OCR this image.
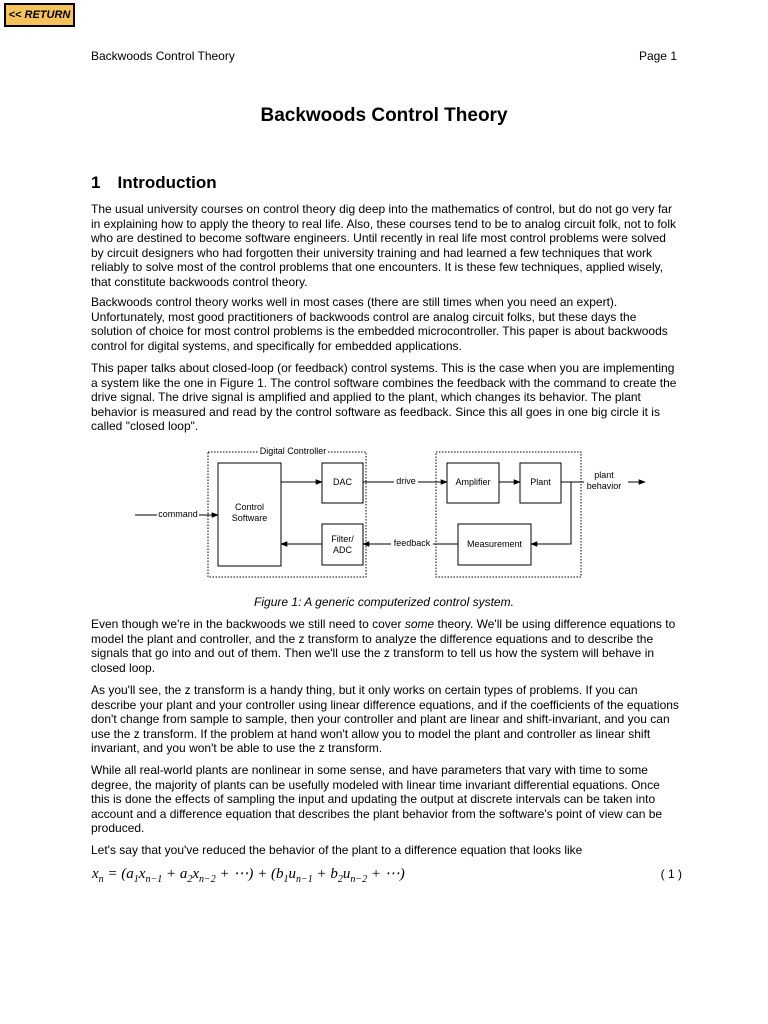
<< RETURN
Backwoods Control Theory	Page 1
Backwoods Control Theory
1 Introduction

The usual university courses on control theory dig deep into the mathematics of control, but do not go very far in explaining how to apply the theory to real life. Also, these courses tend to be to analog circuit folk, not to folk who are destined to become software engineers. Until recently in real life most control problems were solved by circuit designers who had forgotten their university training and had learned a few techniques that work reliably to solve most of the control problems that one encounters. It is these few techniques, applied wisely, that constitute backwoods control theory.

Backwoods control theory works well in most cases (there are still times when you need an expert). Unfortunately, most good practitioners of backwoods control are analog circuit folks, but these days the solution of choice for most control problems is the embedded microcontroller. This paper is about backwoods control for digital systems, and specifically for embedded applications.

This paper talks about closed-loop (or feedback) control systems. This is the case when you are implementing a system like the one in Figure 1. The control software combines the feedback with the command to create the drive signal. The drive signal is amplified and applied to the plant, which changes its behavior. The plant behavior is measured and read by the control software as feedback. Since this all goes in one big circle it is called "closed loop".

Digital Controller
Control
Software
DAC
Filter/
ADC
Amplifier	Plant
Measurement
command
drive
plant
behavior
feedback
Figure 1: A generic computerized control system.

Even though we're in the backwoods we still need to cover some theory. We'll be using difference equations to model the plant and controller, and the z transform to analyze the difference equations and to describe the signals that go into and out of them. Then we'll use the z transform to tell us how the system will behave in closed loop.

As you'll see, the z transform is a handy thing, but it only works on certain types of problems. If you can describe your plant and your controller using linear difference equations, and if the coefficients of the equations don't change from sample to sample, then your controller and plant are linear and shift-invariant, and you can use the z transform. If the problem at hand won't allow you to model the plant and controller as linear shift invariant, and you won't be able to use the z transform.

While all real-world plants are nonlinear in some sense, and have parameters that vary with time to some degree, the majority of plants can be usefully modeled with linear time invariant differential equations. Once this is done the effects of sampling the input and updating the output at discrete intervals can be taken into account and a difference equation that describes the plant behavior from the software's point of view can be produced.

Let's say that you've reduced the behavior of the plant to a difference equation that looks like

$x_n = (a_1x_{n-1} + a_2x_{n-2}$ + ⋯) + ($b_1u_{n-1} + b_2u_{n-2}$ + ⋯)	( 1 )
